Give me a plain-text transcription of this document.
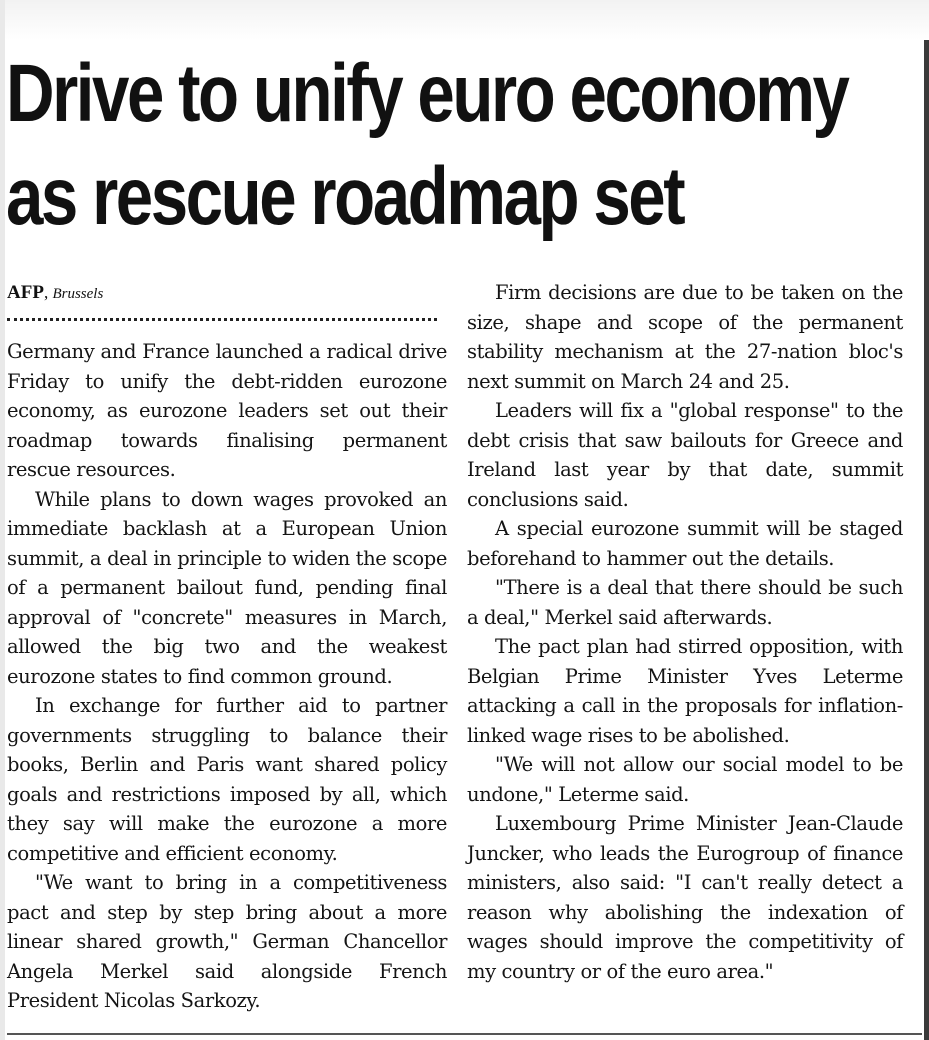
Drive to unify euro economy
as rescue roadmap set
AFP, Brussels

Germany and France launched a radical drive Friday to unify the debt-ridden eurozone economy, as eurozone leaders set out their roadmap towards finalising permanent rescue resources.

While plans to down wages provoked an immediate backlash at a European Union summit, a deal in principle to widen the scope of a permanent bailout fund, pending final approval of "concrete" measures in March, allowed the big two and the weakest eurozone states to find common ground.

In exchange for further aid to partner governments struggling to balance their books, Berlin and Paris want shared policy goals and restrictions imposed by all, which they say will make the eurozone a more competitive and efficient economy.

"We want to bring in a competitiveness pact and step by step bring about a more linear shared growth," German Chancellor Angela Merkel said alongside French President Nicolas Sarkozy.

Firm decisions are due to be taken on the size, shape and scope of the permanent stability mechanism at the 27-nation bloc's next summit on March 24 and 25.

Leaders will fix a "global response" to the debt crisis that saw bailouts for Greece and Ireland last year by that date, summit conclusions said.

A special eurozone summit will be staged beforehand to hammer out the details.

"There is a deal that there should be such a deal," Merkel said afterwards.

The pact plan had stirred opposition, with Belgian Prime Minister Yves Leterme attacking a call in the proposals for inflation-linked wage rises to be abolished.

"We will not allow our social model to be undone," Leterme said.

Luxembourg Prime Minister Jean-Claude Juncker, who leads the Eurogroup of finance ministers, also said: "I can't really detect a reason why abolishing the indexation of wages should improve the competitivity of my country or of the euro area."
